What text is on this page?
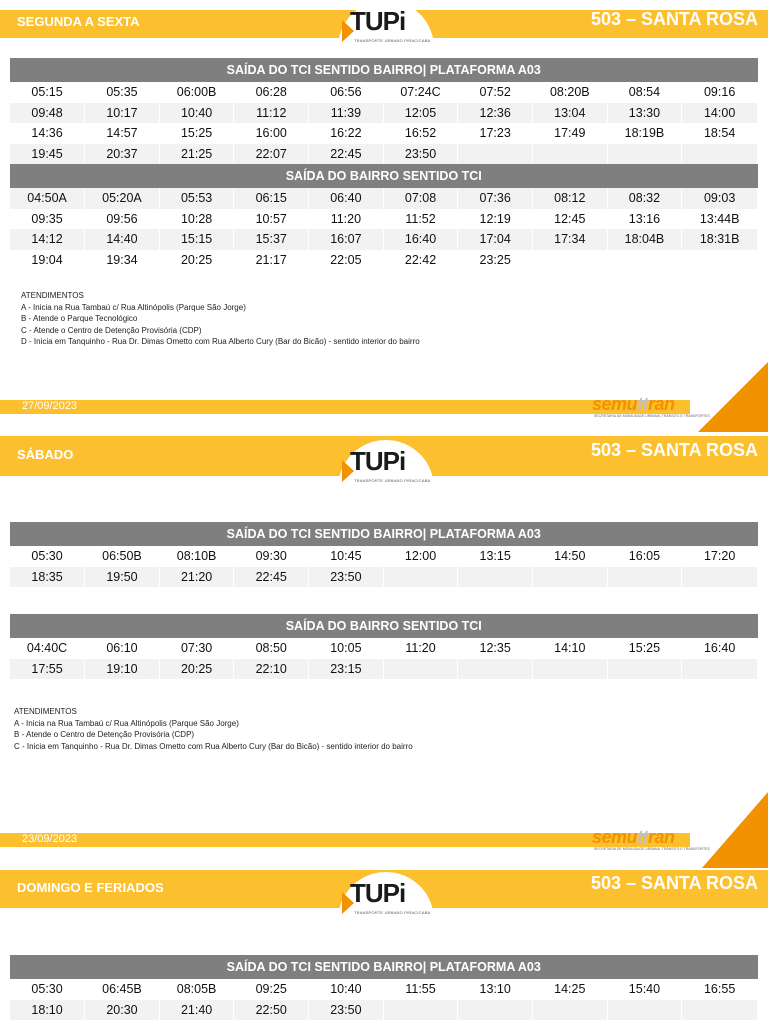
SEGUNDA A SEXTA	503 – SANTA ROSA
TUPi
TRANSPORTE URBANO PIRACICABA
SAÍDA DO TCI SENTIDO BAIRRO| PLATAFORMA A03									
05:15	05:35	06:00B	06:28	06:56	07:24C	07:52	08:20B	08:54	09:16
09:48	10:17	10:40	11:12	11:39	12:05	12:36	13:04	13:30	14:00
14:36	14:57	15:25	16:00	16:22	16:52	17:23	17:49	18:19B	18:54
19:45	20:37	21:25	22:07	22:45	23:50				
SAÍDA DO BAIRRO SENTIDO TCI									
04:50A	05:20A	05:53	06:15	06:40	07:08	07:36	08:12	08:32	09:03
09:35	09:56	10:28	10:57	11:20	11:52	12:19	12:45	13:16	13:44B
14:12	14:40	15:15	15:37	16:07	16:40	17:04	17:34	18:04B	18:31B
19:04	19:34	20:25	21:17	22:05	22:42	23:25			
ATENDIMENTOS
A - Inicia na Rua Tambaú c/ Rua Altinópolis (Parque São Jorge)
B - Atende o Parque Tecnológico
C - Atende o Centro de Detenção Provisória (CDP)
D - Inicia em Tanquinho - Rua Dr. Dimas Ometto com Rua Alberto Cury (Bar do Bicão) - sentido interior do bairro
27/09/2023	semuttran
SECRETARIA DE MOBILIDADE URBANA, TRÂNSITO E TRANSPORTES
SÁBADO	503 – SANTA ROSA
TUPi
TRANSPORTE URBANO PIRACICABA
SAÍDA DO TCI SENTIDO BAIRRO| PLATAFORMA A03									
05:30	06:50B	08:10B	09:30	10:45	12:00	13:15	14:50	16:05	17:20
18:35	19:50	21:20	22:45	23:50					
SAÍDA DO BAIRRO SENTIDO TCI									
04:40C	06:10	07:30	08:50	10:05	11:20	12:35	14:10	15:25	16:40
17:55	19:10	20:25	22:10	23:15					
ATENDIMENTOS
A - Inicia na Rua Tambaú c/ Rua Altinópolis (Parque São Jorge)
B - Atende o Centro de Detenção Provisória (CDP)
C - Inicia em Tanquinho - Rua Dr. Dimas Ometto com Rua Alberto Cury (Bar do Bicão) - sentido interior do bairro
23/09/2023	semuttran
SECRETARIA DE MOBILIDADE URBANA, TRÂNSITO E TRANSPORTES
DOMINGO E FERIADOS	503 – SANTA ROSA
TUPi
TRANSPORTE URBANO PIRACICABA
SAÍDA DO TCI SENTIDO BAIRRO| PLATAFORMA A03									
05:30	06:45B	08:05B	09:25	10:40	11:55	13:10	14:25	15:40	16:55
18:10	20:30	21:40	22:50	23:50					
